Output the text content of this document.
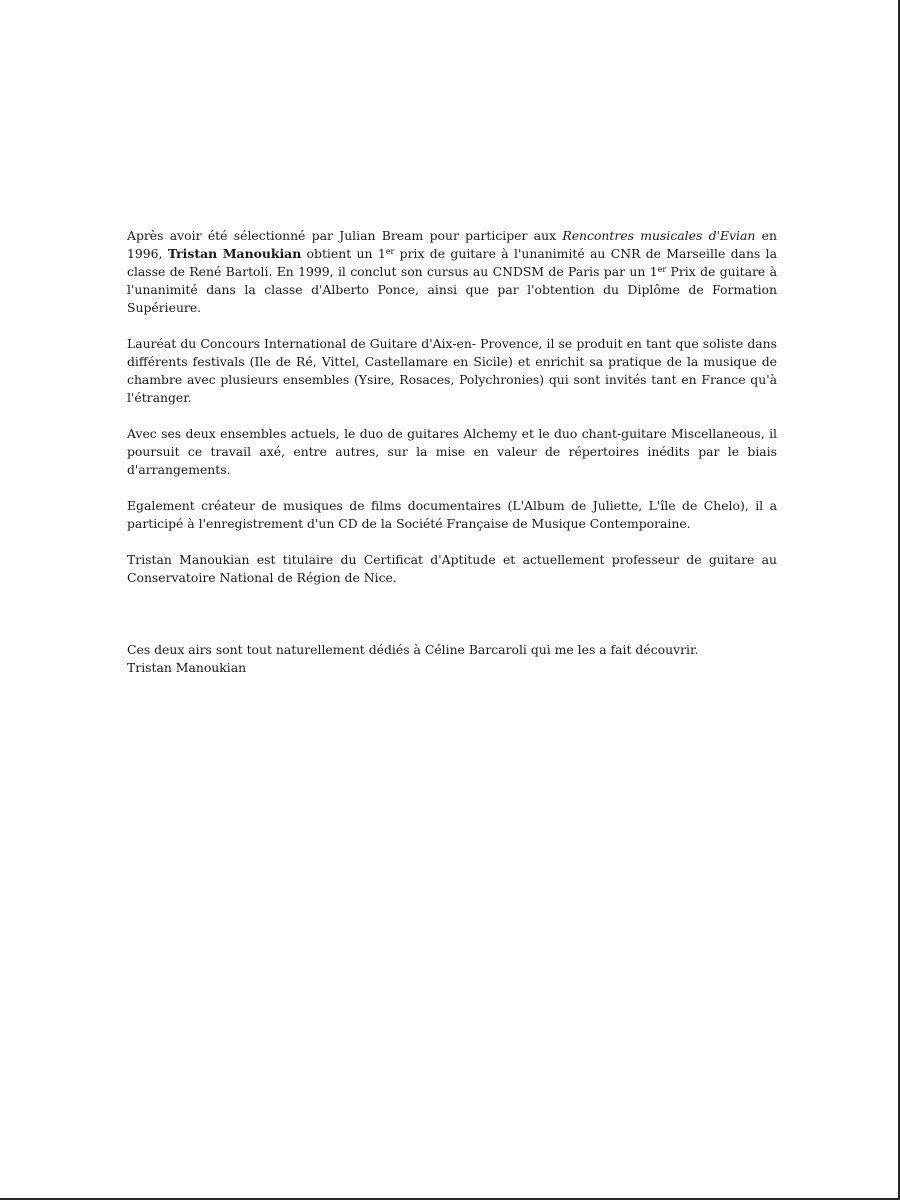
Après avoir été sélectionné par Julian Bream pour participer aux Rencontres musicales d'Evian en 1996, Tristan Manoukian obtient un 1er prix de guitare à l'unanimité au CNR de Marseille dans la classe de René Bartoli. En 1999, il conclut son cursus au CNDSM de Paris par un 1er Prix de guitare à l'unanimité dans la classe d'Alberto Ponce, ainsi que par l'obtention du Diplôme de Formation Supérieure.

Lauréat du Concours International de Guitare d'Aix-en- Provence, il se produit en tant que soliste dans différents festivals (Ile de Ré, Vittel, Castellamare en Sicile) et enrichit sa pratique de la musique de chambre avec plusieurs ensembles (Ysire, Rosaces, Polychronies) qui sont invités tant en France qu'à l'étranger.

Avec ses deux ensembles actuels, le duo de guitares Alchemy et le duo chant-guitare Miscellaneous, il poursuit ce travail axé, entre autres, sur la mise en valeur de répertoires inédits par le biais d'arrangements.

Egalement créateur de musiques de films documentaires (L'Album de Juliette, L'île de Chelo), il a participé à l'enregistrement d'un CD de la Société Française de Musique Contemporaine.

Tristan Manoukian est titulaire du Certificat d'Aptitude et actuellement professeur de guitare au Conservatoire National de Région de Nice.

Ces deux airs sont tout naturellement dédiés à Céline Barcaroli qui me les a fait découvrir.

Tristan Manoukian
